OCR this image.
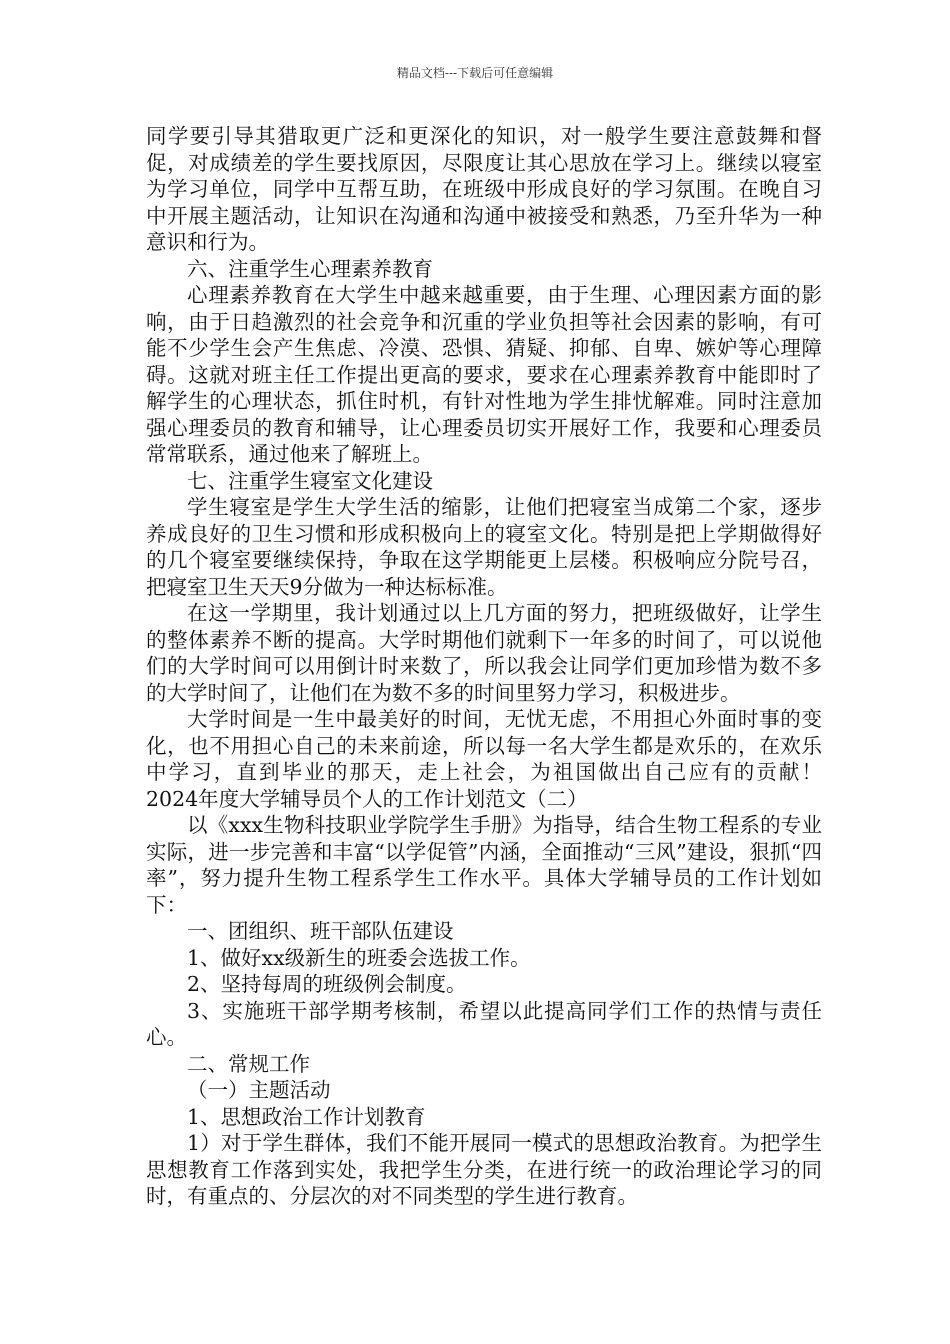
精品文档---下载后可任意编辑

同学要引导其猎取更广泛和更深化的知识，对一般学生要注意鼓舞和督促，对成绩差的学生要找原因，尽限度让其心思放在学习上。继续以寝室为学习单位，同学中互帮互助，在班级中形成良好的学习氛围。在晚自习中开展主题活动，让知识在沟通和沟通中被接受和熟悉，乃至升华为一种意识和行为。

六、注重学生心理素养教育

心理素养教育在大学生中越来越重要，由于生理、心理因素方面的影响，由于日趋激烈的社会竞争和沉重的学业负担等社会因素的影响，有可能不少学生会产生焦虑、冷漠、恐惧、猜疑、抑郁、自卑、嫉妒等心理障碍。这就对班主任工作提出更高的要求，要求在心理素养教育中能即时了解学生的心理状态，抓住时机，有针对性地为学生排忧解难。同时注意加强心理委员的教育和辅导，让心理委员切实开展好工作，我要和心理委员常常联系，通过他来了解班上。

七、注重学生寝室文化建设

学生寝室是学生大学生活的缩影，让他们把寝室当成第二个家，逐步养成良好的卫生习惯和形成积极向上的寝室文化。特别是把上学期做得好的几个寝室要继续保持，争取在这学期能更上层楼。积极响应分院号召，把寝室卫生天天9分做为一种达标标准。

在这一学期里，我计划通过以上几方面的努力，把班级做好，让学生的整体素养不断的提高。大学时期他们就剩下一年多的时间了，可以说他们的大学时间可以用倒计时来数了，所以我会让同学们更加珍惜为数不多的大学时间了，让他们在为数不多的时间里努力学习，积极进步。

大学时间是一生中最美好的时间，无忧无虑，不用担心外面时事的变化，也不用担心自己的未来前途，所以每一名大学生都是欢乐的，在欢乐中学习，直到毕业的那天，走上社会，为祖国做出自己应有的贡献！　　　2024年度大学辅导员个人的工作计划范文（二）

以《xxx生物科技职业学院学生手册》为指导，结合生物工程系的专业实际，进一步完善和丰富“以学促管”内涵，全面推动“三风”建设，狠抓“四率”，努力提升生物工程系学生工作水平。具体大学辅导员的工作计划如下：

一、团组织、班干部队伍建设

1、做好xx级新生的班委会选拔工作。

2、坚持每周的班级例会制度。

3、实施班干部学期考核制，希望以此提高同学们工作的热情与责任心。

二、常规工作

（一）主题活动

1、思想政治工作计划教育

1）对于学生群体，我们不能开展同一模式的思想政治教育。为把学生思想教育工作落到实处，我把学生分类，在进行统一的政治理论学习的同时，有重点的、分层次的对不同类型的学生进行教育。
